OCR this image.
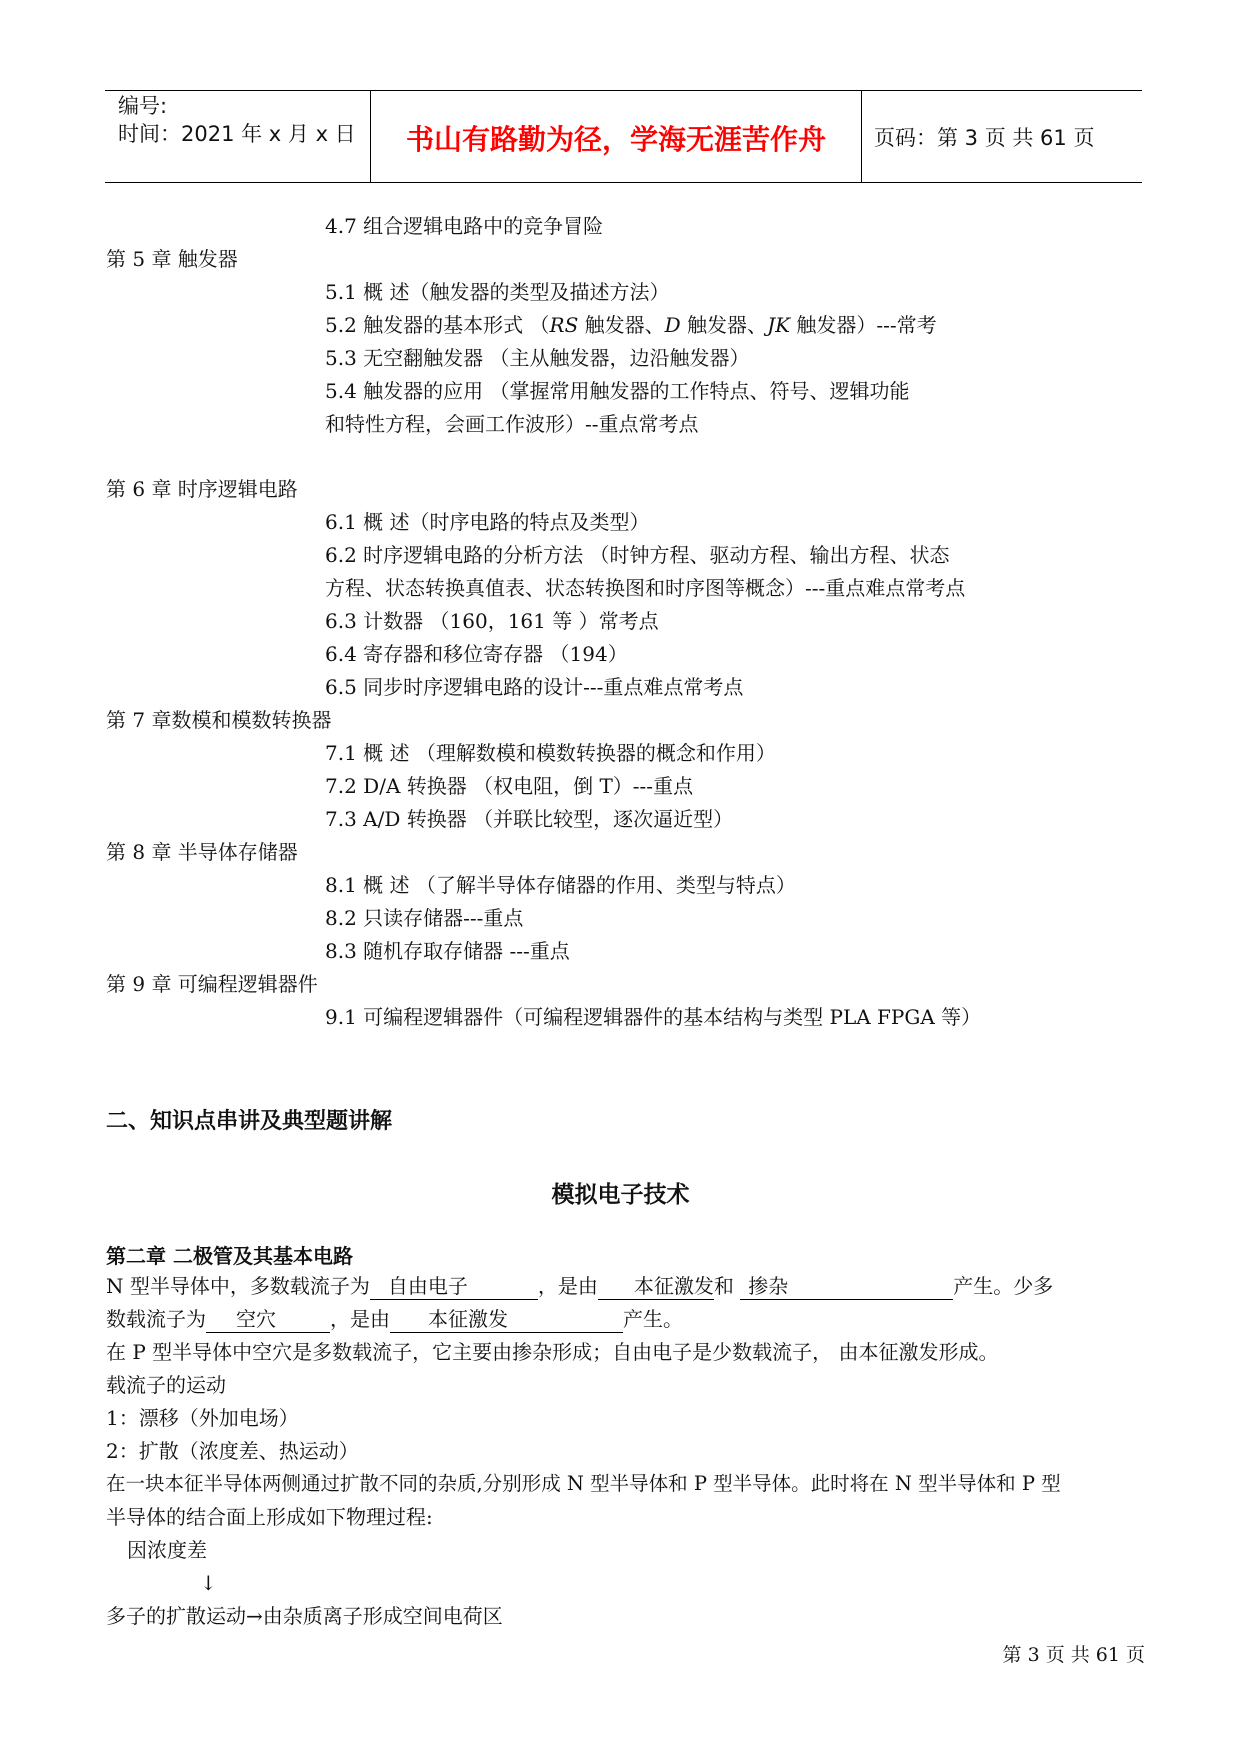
编号:
时间：2021 年 x 月 x 日	书山有路勤为径，学海无涯苦作舟	页码：第 3 页 共 61 页
4.7 组合逻辑电路中的竞争冒险
第 5 章 触发器
5.1 概 述（触发器的类型及描述方法）
5.2 触发器的基本形式 （RS 触发器、D 触发器、JK 触发器）---常考
5.3 无空翻触发器 （主从触发器，边沿触发器）
5.4 触发器的应用 （掌握常用触发器的工作特点、符号、逻辑功能
和特性方程，会画工作波形）--重点常考点
第 6 章 时序逻辑电路
6.1 概 述（时序电路的特点及类型）
6.2 时序逻辑电路的分析方法 （时钟方程、驱动方程、输出方程、状态
方程、状态转换真值表、状态转换图和时序图等概念）---重点难点常考点
6.3 计数器 （160，161 等 ）常考点
6.4 寄存器和移位寄存器 （194）
6.5 同步时序逻辑电路的设计---重点难点常考点
第 7 章数模和模数转换器
7.1 概 述 （理解数模和模数转换器的概念和作用）
7.2 D/A 转换器 （权电阻，倒 T）---重点
7.3 A/D 转换器 （并联比较型，逐次逼近型）
第 8 章 半导体存储器
8.1 概 述 （了解半导体存储器的作用、类型与特点）
8.2 只读存储器---重点
8.3 随机存取存储器 ---重点
第 9 章 可编程逻辑器件
9.1 可编程逻辑器件（可编程逻辑器件的基本结构与类型 PLA FPGA 等）
二、知识点串讲及典型题讲解
模拟电子技术
第二章 二极管及其基本电路
N 型半导体中，多数载流子为 自由电子	，是由 本征激发和 掺杂	产生。少多
数载流子为 空穴	，是由 本征激发	产生。
在 P 型半导体中空穴是多数载流子，它主要由掺杂形成；自由电子是少数载流子， 由本征激发形成。
载流子的运动
1：漂移（外加电场）
2：扩散（浓度差、热运动）
在一块本征半导体两侧通过扩散不同的杂质,分别形成 N 型半导体和 P 型半导体。此时将在 N 型半导体和 P 型
半导体的结合面上形成如下物理过程:
因浓度差
↓
多子的扩散运动→由杂质离子形成空间电荷区
第 3 页 共 61 页
